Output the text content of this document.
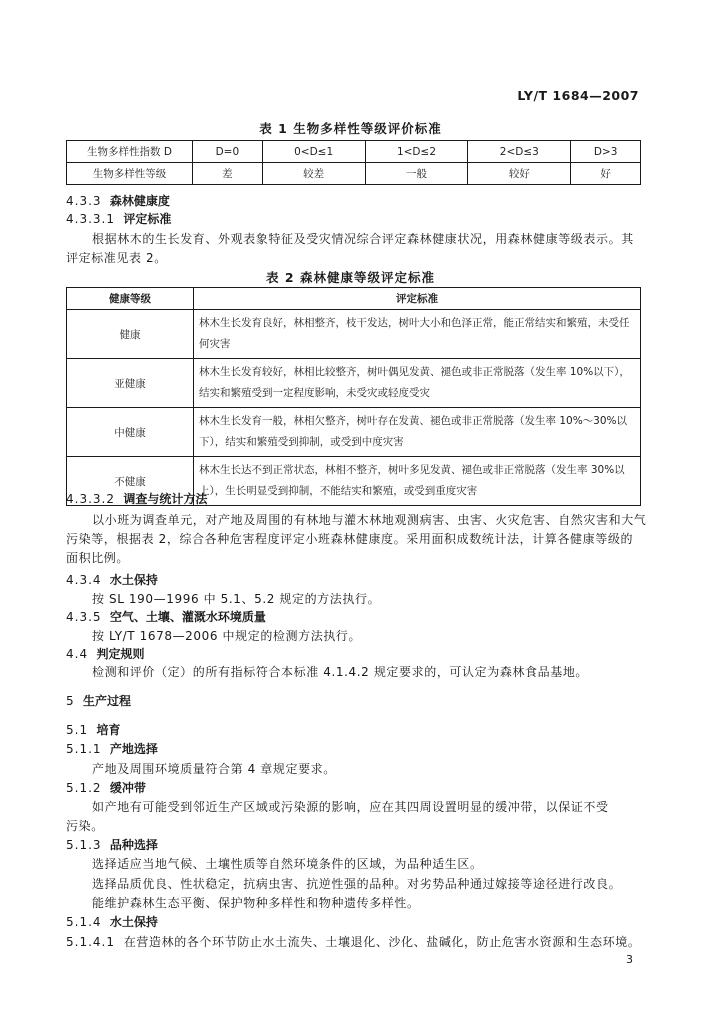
LY/T 1684—2007
表 1 生物多样性等级评价标准
生物多样性指数 D	D=0	0<D≤1	1<D≤2	2<D≤3	D>3
生物多样性等级	差	较差	一般	较好	好
4.3.3 森林健康度
4.3.3.1 评定标准
根据林木的生长发育、外观表象特征及受灾情况综合评定森林健康状况，用森林健康等级表示。其
评定标准见表 2。
表 2 森林健康等级评定标准
健康等级	评定标准
健康	林木生长发育良好，林相整齐，枝干发达，树叶大小和色泽正常，能正常结实和繁殖，未受任
何灾害

亚健康	林木生长发育较好，林相比较整齐，树叶偶见发黄、褪色或非正常脱落（发生率 10%以下），
结实和繁殖受到一定程度影响，未受灾或轻度受灾

中健康	林木生长发育一般，林相欠整齐，树叶存在发黄、褪色或非正常脱落（发生率 10%～30%以
下），结实和繁殖受到抑制，或受到中度灾害

不健康	林木生长达不到正常状态，林相不整齐，树叶多见发黄、褪色或非正常脱落（发生率 30%以
上），生长明显受到抑制，不能结实和繁殖，或受到重度灾害
4.3.3.2 调查与统计方法
以小班为调查单元，对产地及周围的有林地与灌木林地观测病害、虫害、火灾危害、自然灾害和大气
污染等，根据表 2，综合各种危害程度评定小班森林健康度。采用面积成数统计法，计算各健康等级的
面积比例。
4.3.4 水土保持
按 SL 190—1996 中 5.1、5.2 规定的方法执行。
4.3.5 空气、土壤、灌溉水环境质量
按 LY/T 1678—2006 中规定的检测方法执行。
4.4 判定规则
检测和评价（定）的所有指标符合本标准 4.1.4.2 规定要求的，可认定为森林食品基地。
5 生产过程
5.1 培育
5.1.1 产地选择
产地及周围环境质量符合第 4 章规定要求。
5.1.2 缓冲带
如产地有可能受到邻近生产区域或污染源的影响，应在其四周设置明显的缓冲带，以保证不受
污染。
5.1.3 品种选择
选择适应当地气候、土壤性质等自然环境条件的区域，为品种适生区。
选择品质优良、性状稳定，抗病虫害、抗逆性强的品种。对劣势品种通过嫁接等途径进行改良。
能维护森林生态平衡、保护物种多样性和物种遗传多样性。
5.1.4 水土保持
5.1.4.1 在营造林的各个环节防止水土流失、土壤退化、沙化、盐碱化，防止危害水资源和生态环境。
3
